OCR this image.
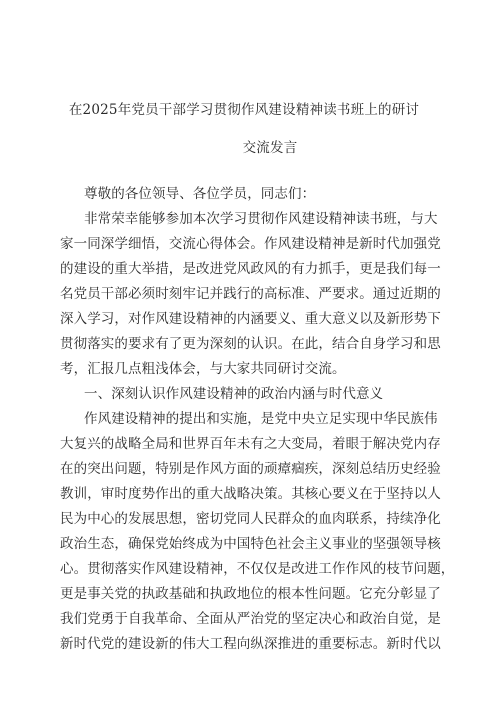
在2025年党员干部学习贯彻作风建设精神读书班上的研讨
交流发言
尊敬的各位领导、各位学员，同志们：
非常荣幸能够参加本次学习贯彻作风建设精神读书班，与大
家一同深学细悟，交流心得体会。作风建设精神是新时代加强党
的建设的重大举措，是改进党风政风的有力抓手，更是我们每一
名党员干部必须时刻牢记并践行的高标准、严要求。通过近期的
深入学习，对作风建设精神的内涵要义、重大意义以及新形势下
贯彻落实的要求有了更为深刻的认识。在此，结合自身学习和思
考，汇报几点粗浅体会，与大家共同研讨交流。
一、深刻认识作风建设精神的政治内涵与时代意义
作风建设精神的提出和实施，是党中央立足实现中华民族伟
大复兴的战略全局和世界百年未有之大变局，着眼于解决党内存
在的突出问题，特别是作风方面的顽瘴痼疾，深刻总结历史经验
教训，审时度势作出的重大战略决策。其核心要义在于坚持以人
民为中心的发展思想，密切党同人民群众的血肉联系，持续净化
政治生态，确保党始终成为中国特色社会主义事业的坚强领导核
心。贯彻落实作风建设精神，不仅仅是改进工作作风的枝节问题，
更是事关党的执政基础和执政地位的根本性问题。它充分彰显了
我们党勇于自我革命、全面从严治党的坚定决心和政治自觉，是
新时代党的建设新的伟大工程向纵深推进的重要标志。新时代以
